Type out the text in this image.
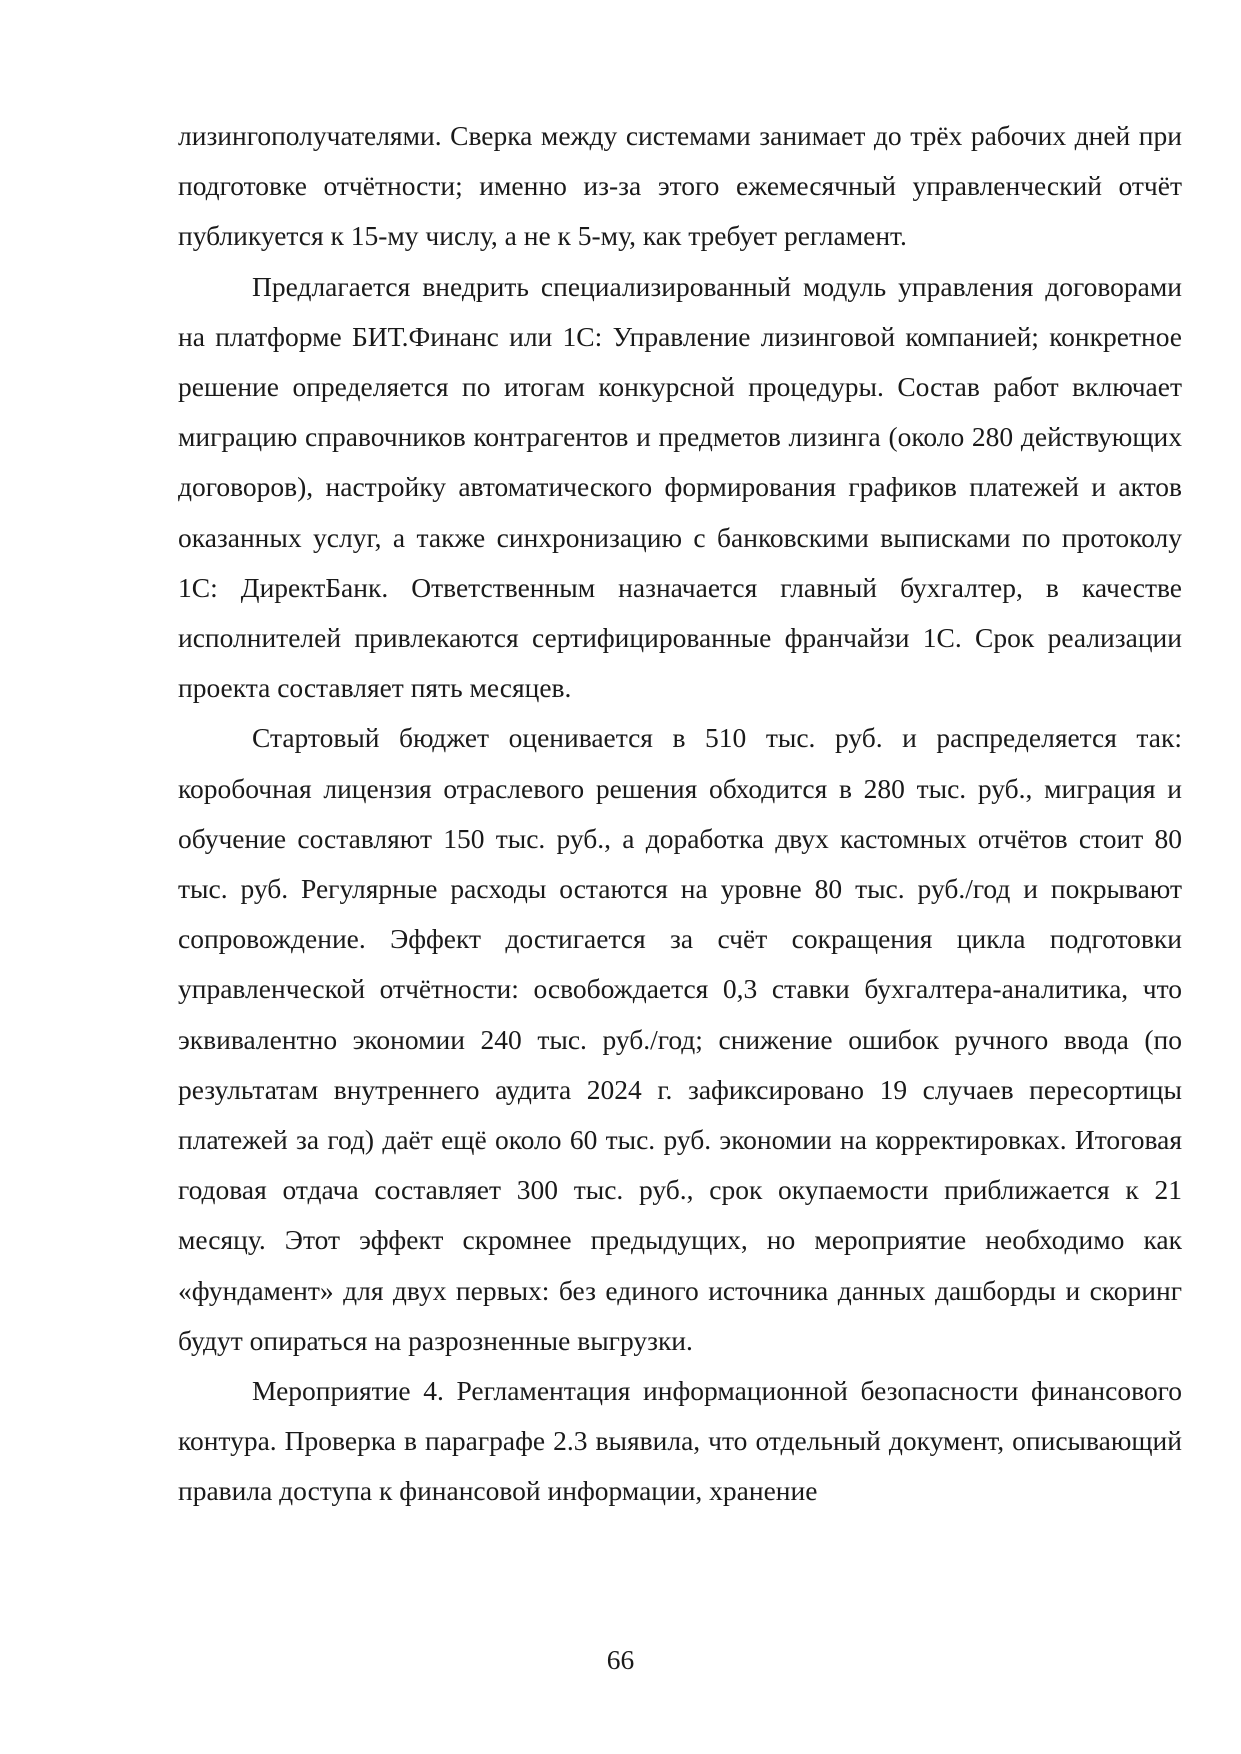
лизингополучателями. Сверка между системами занимает до трёх рабочих дней при подготовке отчётности; именно из-за этого ежемесячный управленческий отчёт публикуется к 15-му числу, а не к 5-му, как требует регламент.

Предлагается внедрить специализированный модуль управления договорами на платформе БИТ.Финанс или 1С: Управление лизинговой компанией; конкретное решение определяется по итогам конкурсной процедуры. Состав работ включает миграцию справочников контрагентов и предметов лизинга (около 280 действующих договоров), настройку автоматического формирования графиков платежей и актов оказанных услуг, а также синхронизацию с банковскими выписками по протоколу 1С: ДиректБанк. Ответственным назначается главный бухгалтер, в качестве исполнителей привлекаются сертифицированные франчайзи 1С. Срок реализации проекта составляет пять месяцев.

Стартовый бюджет оценивается в 510 тыс. руб. и распределяется так: коробочная лицензия отраслевого решения обходится в 280 тыс. руб., миграция и обучение составляют 150 тыс. руб., а доработка двух кастомных отчётов стоит 80 тыс. руб. Регулярные расходы остаются на уровне 80 тыс. руб./год и покрывают сопровождение. Эффект достигается за счёт сокращения цикла подготовки управленческой отчётности: освобождается 0,3 ставки бухгалтера-аналитика, что эквивалентно экономии 240 тыс. руб./год; снижение ошибок ручного ввода (по результатам внутреннего аудита 2024 г. зафиксировано 19 случаев пересортицы платежей за год) даёт ещё около 60 тыс. руб. экономии на корректировках. Итоговая годовая отдача составляет 300 тыс. руб., срок окупаемости приближается к 21 месяцу. Этот эффект скромнее предыдущих, но мероприятие необходимо как «фундамент» для двух первых: без единого источника данных дашборды и скоринг будут опираться на разрозненные выгрузки.

Мероприятие 4. Регламентация информационной безопасности финансового контура. Проверка в параграфе 2.3 выявила, что отдельный документ, описывающий правила доступа к финансовой информации, хранение

66
